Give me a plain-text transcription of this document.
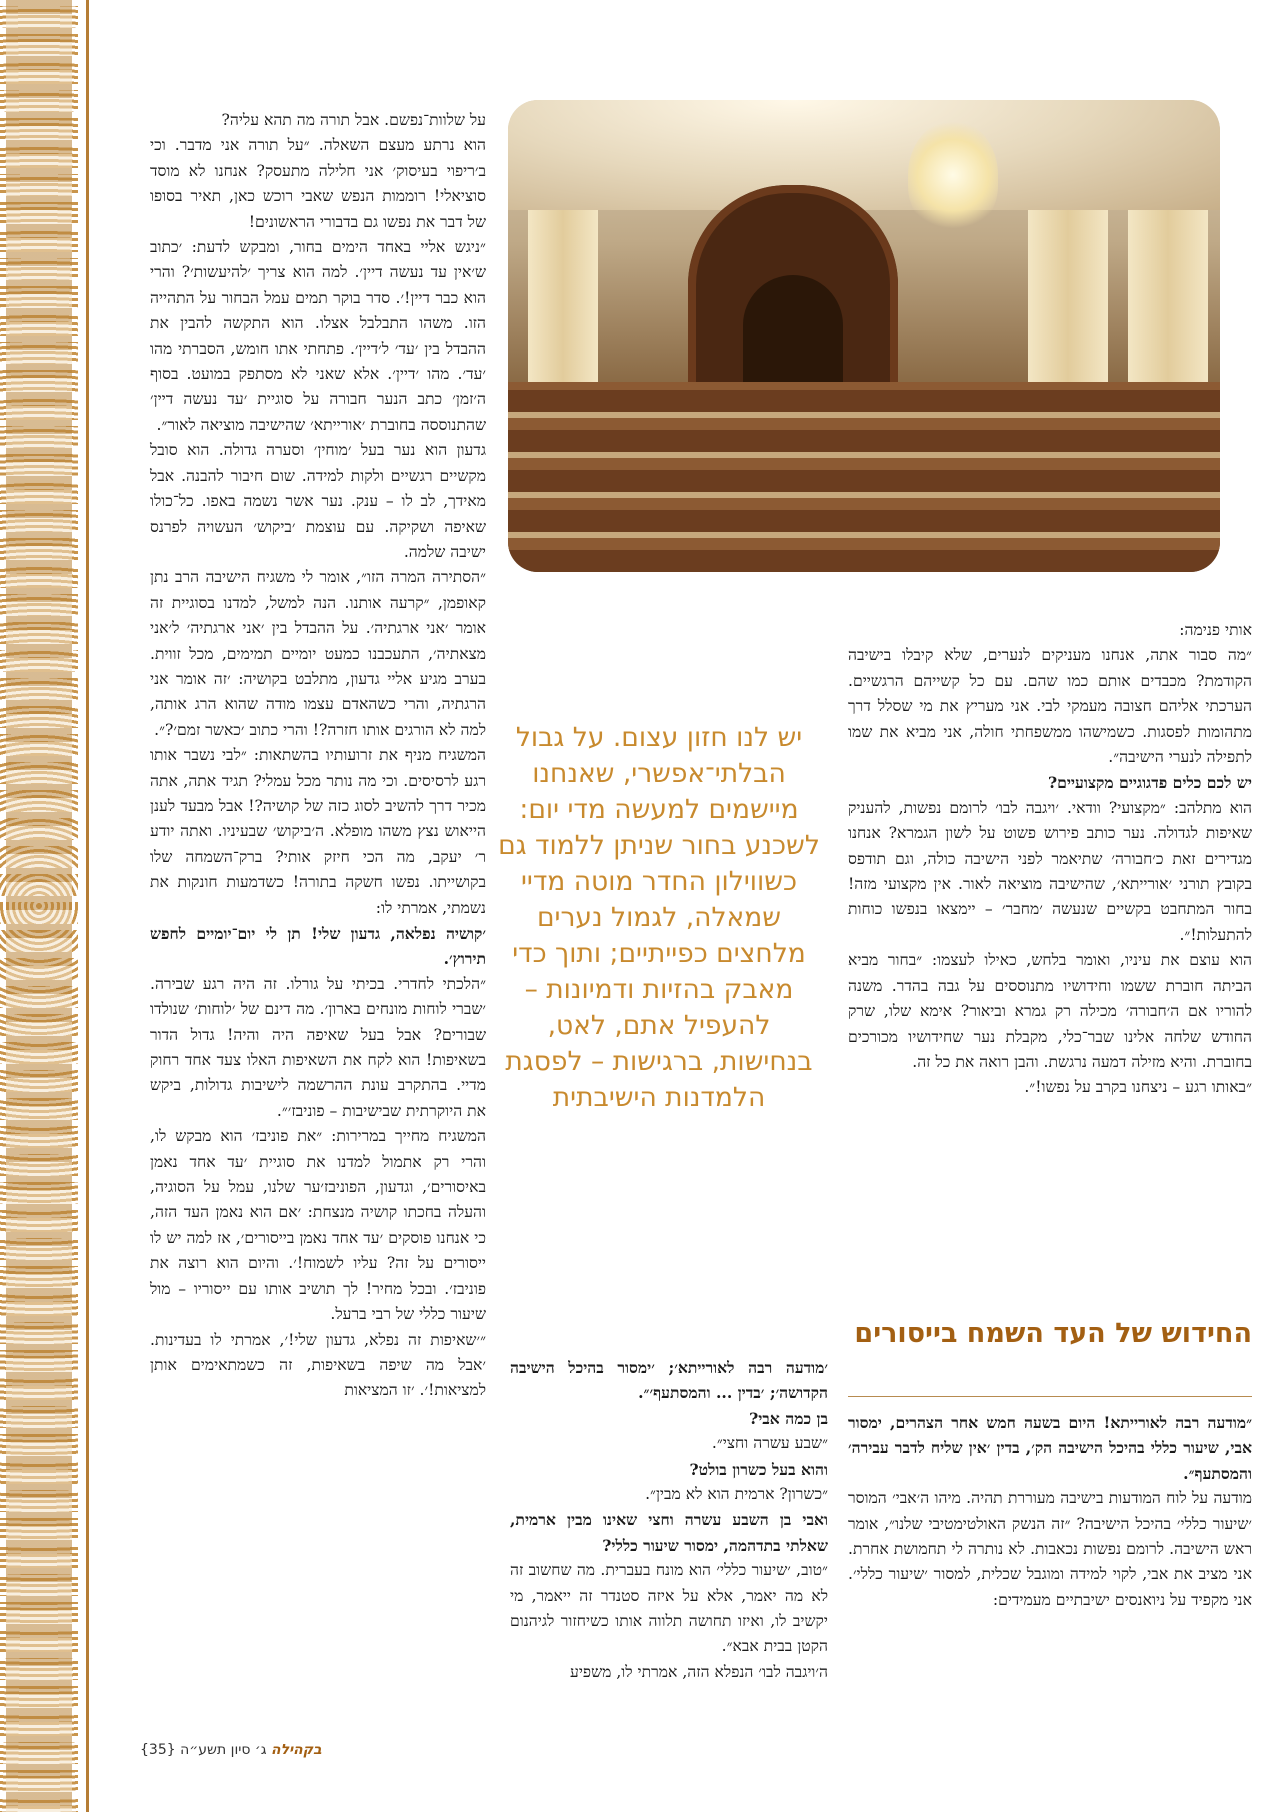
אותי פנימה:

״מה סבור אתה, אנחנו מעניקים לנערים, שלא קיבלו בישיבה הקודמת? מכבדים אותם כמו שהם. עם כל קשייהם הרגשיים. הערכתי אליהם חצובה מעמקי לבי. אני מעריץ את מי שסלל דרך מתהומות לפסגות. כשמישהו ממשפחתי חולה, אני מביא את שמו לתפילה לנערי הישיבה״.

יש לכם כלים פדגוגיים מקצועיים?

הוא מתלהב: ״מקצועי? וודאי. ׳ויגבה לבו׳ לרומם נפשות, להעניק שאיפות לגדולה. נער כותב פירוש פשוט על לשון הגמרא? אנחנו מגדירים זאת כ׳חבורה׳ שתיאמר לפני הישיבה כולה, וגם תודפס בקובץ תורני ׳אורייתא׳, שהישיבה מוציאה לאור. אין מקצועי מזה! בחור המתחבט בקשיים שנעשה ׳מחבר׳ – יימצאו בנפשו כוחות להתעלות!״.

הוא עוצם את עיניו, ואומר בלחש, כאילו לעצמו: ״בחור מביא הביתה חוברת ששמו וחידושיו מתנוססים על גבה בהדר. משנה להוריו אם ה׳חבורה׳ מכילה רק גמרא וביאור? אימא שלו, שרק החודש שלחה אלינו שבר־כלי, מקבלת נער שחידושיו מכורכים בחוברת. והיא מזילה דמעה נרגשת. והבן רואה את כל זה.

״באותו רגע – ניצחנו בקרב על נפשו!״.

יש לנו חזון עצום. על גבול הבלתי־אפשרי, שאנחנו מיישמים למעשה מדי יום: לשכנע בחור שניתן ללמוד גם כשווילון החדר מוטה מדיי שמאלה, לגמול נערים מלחצים כפייתיים; ותוך כדי מאבק בהזיות ודמיונות – להעפיל אתם, לאט, בנחישות, ברגישות – לפסגת הלמדנות הישיבתית
החידוש של העד השמח בייסורים

״מודעה רבה לאורייתא! היום בשעה חמש אחר הצהרים, ימסור אבי, שיעור כללי בהיכל הישיבה הק׳, בדין ׳אין שליח לדבר עבירה׳ והמסתעף״.

מודעה על לוח המודעות בישיבה מעוררת תהיה. מיהו ה׳אבי׳ המוסר ׳שיעור כללי׳ בהיכל הישיבה? ״זה הנשק האולטימטיבי שלנו״, אומר ראש הישיבה. לרומם נפשות נכאבות. לא נותרה לי תחמושת אחרת. אני מציב את אבי, לקוי למידה ומוגבל שכלית, למסור ׳שיעור כללי׳. אני מקפיד על ניואנסים ישיבתיים מעמידים:

׳מודעה רבה לאורייתא׳; ׳ימסור בהיכל הישיבה הקדושה׳; ׳בדין ... והמסתעף׳״.

בן כמה אבי?

״שבע עשרה וחצי״.

והוא בעל כשרון בולט?

״כשרון? ארמית הוא לא מבין״.

ואבי בן השבע עשרה וחצי שאינו מבין ארמית, שאלתי בתדהמה, ימסור שיעור כללי?

״טוב, ׳שיעור כללי׳ הוא מונח בעברית. מה שחשוב זה לא מה יאמר, אלא על איזה סטנדר זה ייאמר, מי יקשיב לו, ואיזו תחושה תלווה אותו כשיחזור לגיהנום הקטן בבית אבא״.

ה׳ויגבה לבו׳ הנפלא הזה, אמרתי לו, משפיע

על שלוות־נפשם. אבל תורה מה תהא עליה?

הוא נרתע מעצם השאלה. ״על תורה אני מדבר. וכי ב׳ריפוי בעיסוק׳ אני חלילה מתעסק? אנחנו לא מוסד סוציאלי! רוממות הנפש שאבי רוכש כאן, תאיר בסופו של דבר את נפשו גם בדבורי הראשונים!

״ניגש אליי באחד הימים בחור, ומבקש לדעת: ׳כתוב ש׳אין עד נעשה דיין׳. למה הוא צריך ׳להיעשות׳? והרי הוא כבר דיין!׳. סדר בוקר תמים עמל הבחור על התהייה הזו. משהו התבלבל אצלו. הוא התקשה להבין את ההבדל בין ׳עד׳ ל׳דיין׳. פתחתי אתו חומש, הסברתי מהו ׳עד׳. מהו ׳דיין׳. אלא שאני לא מסתפק במועט. בסוף ה׳זמן׳ כתב הנער חבורה על סוגיית ׳עד נעשה דיין׳ שהתנוססה בחוברת ׳אורייתא׳ שהישיבה מוציאה לאור״.

גדעון הוא נער בעל ׳מוחין׳ וסערה גדולה. הוא סובל מקשיים רגשיים ולקות למידה. שום חיבור להבנה. אבל מאידך, לב לו – ענק. נער אשר נשמה באפו. כל־כולו שאיפה ושקיקה. עם עוצמת ׳ביקוש׳ העשויה לפרנס ישיבה שלמה.

״הסתירה המרה הזו״, אומר לי משגיח הישיבה הרב נתן קאופמן, ״קרעה אותנו. הנה למשל, למדנו בסוגיית זה אומר ׳אני ארגתיה׳. על ההבדל בין ׳אני ארגתיה׳ ל׳אני מצאתיה׳, התעכבנו כמעט יומיים תמימים, מכל זווית. בערב מגיע אליי גדעון, מתלבט בקושיה: ׳זה אומר אני הרגתיה, והרי כשהאדם עצמו מודה שהוא הרג אותה, למה לא הורגים אותו חזרה?! והרי כתוב ׳כאשר זמם׳?״.

המשגיח מניף את זרועותיו בהשתאות: ״לבי נשבר אותו רגע לרסיסים. וכי מה נותר מכל עמלי? תגיד אתה, אתה מכיר דרך להשיב לסוג כזה של קושיה?! אבל מבעד לענן הייאוש נצץ משהו מופלא. ה׳ביקוש׳ שבעיניו. ואתה יודע ר׳ יעקב, מה הכי חיזק אותי? ברק־השמחה שלו בקושייתו. נפשו חשקה בתורה! כשדמעות חונקות את נשמתי, אמרתי לו:

׳קושיה נפלאה, גדעון שלי! תן לי יום־יומיים לחפש תירוץ׳.

״הלכתי לחדרי. בכיתי על גורלו. זה היה רגע שבירה. ׳שברי לוחות מונחים בארון׳. מה דינם של ׳לוחות׳ שנולדו שבורים? אבל בעל שאיפה היה והיה! גדול הדור בשאיפות! הוא לקח את השאיפות האלו צעד אחד רחוק מדיי. בהתקרב עונת ההרשמה לישיבות גדולות, ביקש את היוקרתית שבישיבות – פוניבז׳״.

המשגיח מחייך במרירות: ״את פוניבז׳ הוא מבקש לו, והרי רק אתמול למדנו את סוגיית ׳עד אחד נאמן באיסורים׳, וגדעון, הפוניבז׳ער שלנו, עמל על הסוגיה, והעלה בחכתו קושיה מנצחת: ׳אם הוא נאמן העד הזה, כי אנחנו פוסקים ׳עד אחד נאמן בייסורים׳, אז למה יש לו ייסורים על זה? עליו לשמוח!׳. והיום הוא רוצה את פוניבז׳. ובכל מחיר! לך תושיב אותו עם ייסוריו – מול שיעור כללי של רבי ברעל.

״׳שאיפות זה נפלא, גדעון שלי!׳, אמרתי לו בעדינות. ׳אבל מה שיפה בשאיפות, זה כשמתאימים אותן למציאות!׳. ׳זו המציאות

בקהילה ג׳ סיון תשע״ה {35}
